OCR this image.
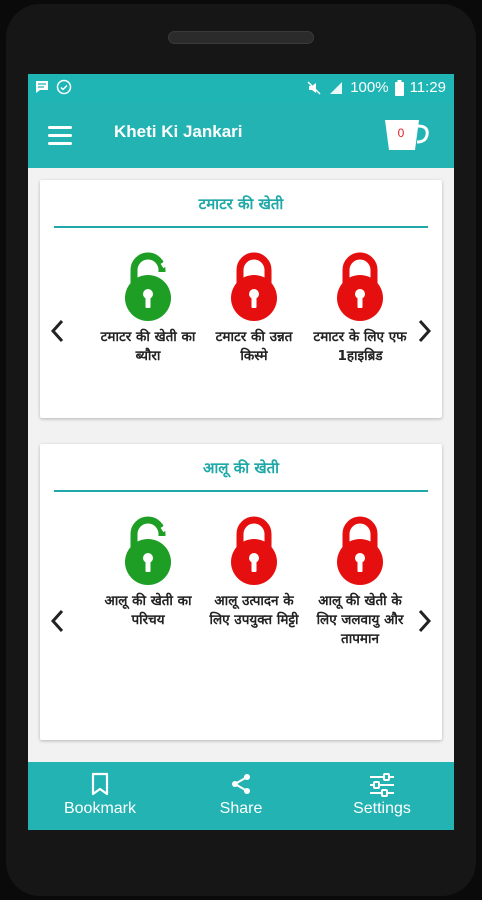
100% 11:29
Kheti Ki Jankari	0
टमाटर की खेती
टमाटर की खेती का ब्यौरा
टमाटर की उन्नत किस्मे
टमाटर के लिए एफ 1हाइब्रिड
आलू की खेती
आलू की खेती का परिचय
आलू उत्पादन के लिए उपयुक्त मिट्टी
आलू की खेती के लिए जलवायु और तापमान
Bookmark	Share	Settings
